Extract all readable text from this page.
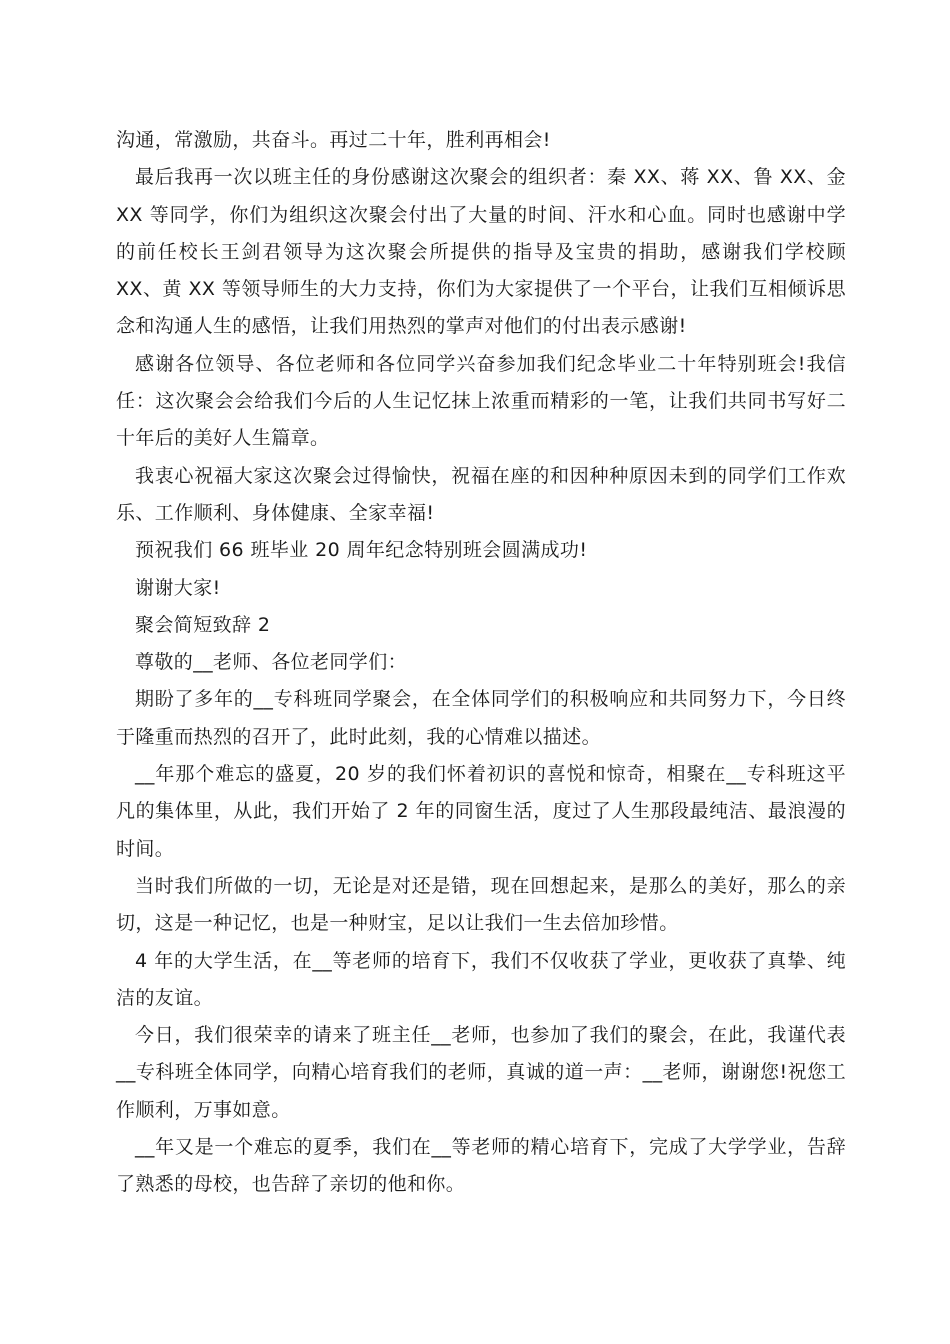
沟通，常激励，共奋斗。再过二十年，胜利再相会!

最后我再一次以班主任的身份感谢这次聚会的组织者：秦 XX、蒋 XX、鲁 XX、金 XX 等同学，你们为组织这次聚会付出了大量的时间、汗水和心血。同时也感谢中学的前任校长王剑君领导为这次聚会所提供的指导及宝贵的捐助，感谢我们学校顾 XX、黄 XX 等领导师生的大力支持，你们为大家提供了一个平台，让我们互相倾诉思念和沟通人生的感悟，让我们用热烈的掌声对他们的付出表示感谢!

感谢各位领导、各位老师和各位同学兴奋参加我们纪念毕业二十年特别班会!我信任：这次聚会会给我们今后的人生记忆抹上浓重而精彩的一笔，让我们共同书写好二十年后的美好人生篇章。

我衷心祝福大家这次聚会过得愉快，祝福在座的和因种种原因未到的同学们工作欢乐、工作顺利、身体健康、全家幸福!

预祝我们 66 班毕业 20 周年纪念特别班会圆满成功!

谢谢大家!

聚会简短致辞 2

尊敬的__老师、各位老同学们：

期盼了多年的__专科班同学聚会，在全体同学们的积极响应和共同努力下，今日终于隆重而热烈的召开了，此时此刻，我的心情难以描述。

__年那个难忘的盛夏，20 岁的我们怀着初识的喜悦和惊奇，相聚在__专科班这平凡的集体里，从此，我们开始了 2 年的同窗生活，度过了人生那段最纯洁、最浪漫的时间。

当时我们所做的一切，无论是对还是错，现在回想起来，是那么的美好，那么的亲切，这是一种记忆，也是一种财宝，足以让我们一生去倍加珍惜。

4 年的大学生活，在__等老师的培育下，我们不仅收获了学业，更收获了真挚、纯洁的友谊。

今日，我们很荣幸的请来了班主任__老师，也参加了我们的聚会，在此，我谨代表__专科班全体同学，向精心培育我们的老师，真诚的道一声：__老师，谢谢您!祝您工作顺利，万事如意。

__年又是一个难忘的夏季，我们在__等老师的精心培育下，完成了大学学业，告辞了熟悉的母校，也告辞了亲切的他和你。
